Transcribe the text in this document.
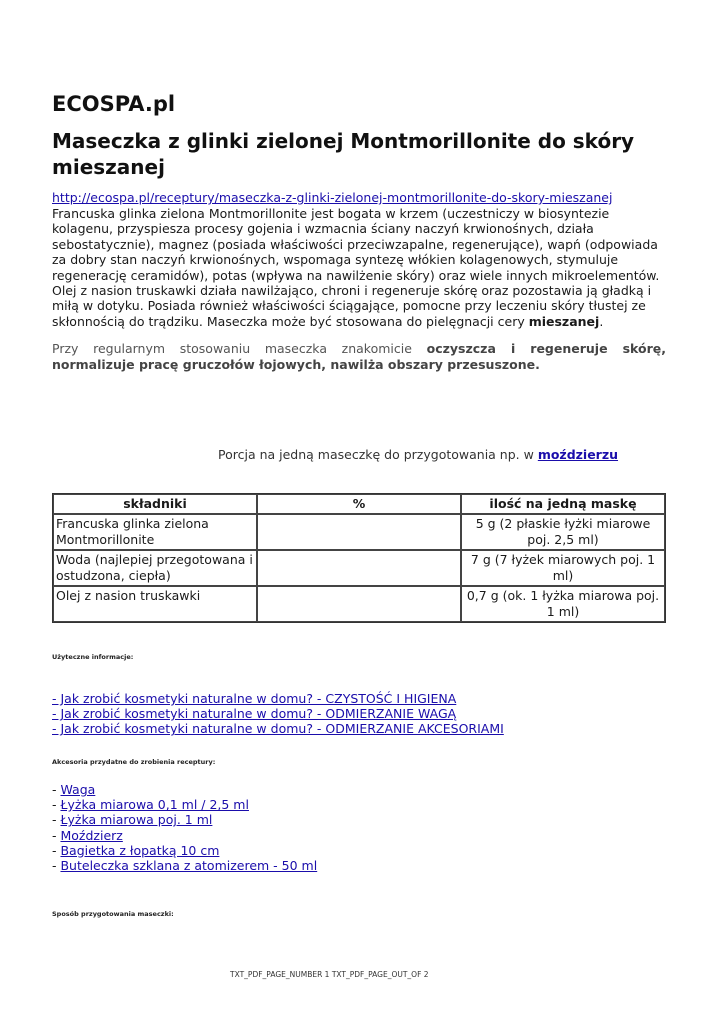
ECOSPA.pl
Maseczka z glinki zielonej Montmorillonite do skóry mieszanej
http://ecospa.pl/receptury/maseczka-z-glinki-zielonej-montmorillonite-do-skory-mieszanej

Francuska glinka zielona Montmorillonite jest bogata w krzem (uczestniczy w biosyntezie kolagenu, przyspiesza procesy gojenia i wzmacnia ściany naczyń krwionośnych, działa sebostatycznie), magnez (posiada właściwości przeciwzapalne, regenerujące), wapń (odpowiada za dobry stan naczyń krwionośnych, wspomaga syntezę włókien kolagenowych, stymuluje regenerację ceramidów), potas (wpływa na nawilżenie skóry) oraz wiele innych mikroelementów. Olej z nasion truskawki działa nawilżająco, chroni i regeneruje skórę oraz pozostawia ją gładką i miłą w dotyku. Posiada również właściwości ściągające, pomocne przy leczeniu skóry tłustej ze skłonnością do trądziku. Maseczka może być stosowana do pielęgnacji cery mieszanej.

Przy regularnym stosowaniu maseczka znakomicie oczyszcza i regeneruje skórę, normalizuje pracę gruczołów łojowych, nawilża obszary przesuszone.

Porcja na jedną maseczkę do przygotowania np. w moździerzu
składniki	%	ilość na jedną maskę
Francuska glinka zielona Montmorillonite		5 g (2 płaskie łyżki miarowe poj. 2,5 ml)
Woda (najlepiej przegotowana i ostudzona, ciepła)		7 g (7 łyżek miarowych poj. 1 ml)
Olej z nasion truskawki		0,7 g (ok. 1 łyżka miarowa poj. 1 ml)

Użyteczne informacje:

- Jak zrobić kosmetyki naturalne w domu? - CZYSTOŚĆ I HIGIENA
- Jak zrobić kosmetyki naturalne w domu? - ODMIERZANIE WAGĄ
- Jak zrobić kosmetyki naturalne w domu? - ODMIERZANIE AKCESORIAMI

Akcesoria przydatne do zrobienia receptury:

- Waga
- Łyżka miarowa 0,1 ml / 2,5 ml
- Łyżka miarowa poj. 1 ml
- Moździerz
- Bagietka z łopatką 10 cm
- Buteleczka szklana z atomizerem - 50 ml

Sposób przygotowania maseczki:

TXT_PDF_PAGE_NUMBER 1 TXT_PDF_PAGE_OUT_OF 2
